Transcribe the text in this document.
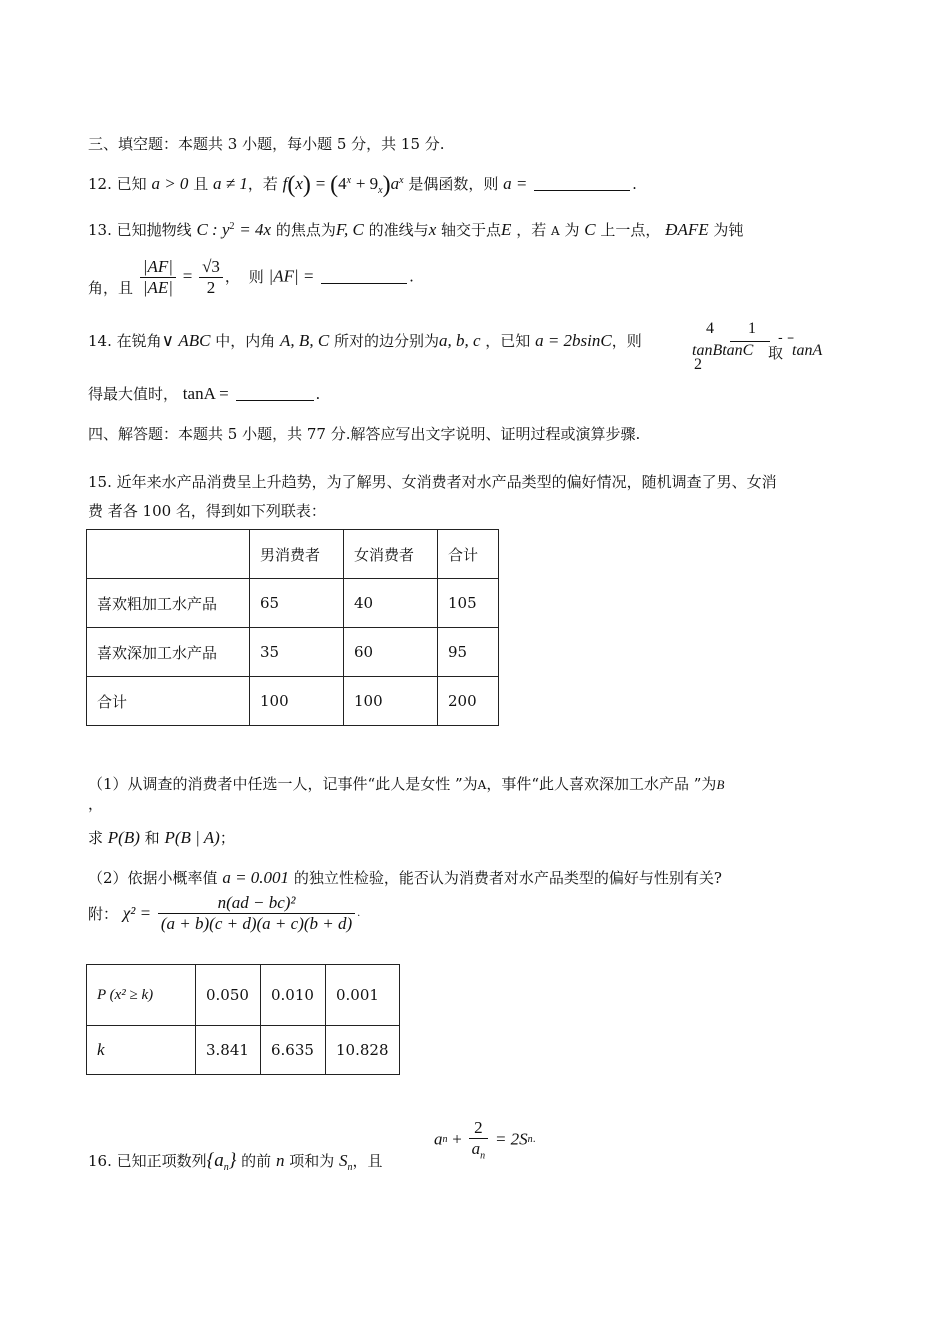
三、填空题：本题共 3 小题，每小题 5 分，共 15 分.
12. 已知 a > 0 且 a ≠ 1，若 $f(x) = (4^x + 9_x)a^x$ 是偶函数，则 a =	.
13. 已知抛物线 C : $y^2 = 4x$ 的焦点为F, C 的准线与x 轴交于点E ，若 A 为 C 上一点， ÐAFE 为钝
角，且 $\frac{|AF|}{|AE|} = \frac{√3}{2}$ ， 则 |AF| =	.
14. 在锐角∨ ABC 中，内角 A, B, C 所对的边分别为a, b, c ，已知 a = 2bsinC，则
4 1
tanBtanC 取
- –
tanA
2
得最大值时， tanA =	.
四、解答题：本题共 5 小题，共 77 分.解答应写出文字说明、证明过程或演算步骤.
15. 近年来水产品消费呈上升趋势，为了解男、女消费者对水产品类型的偏好情况，随机调查了男、女消
费 者各 100 名，得到如下列联表：
	男消费者	女消费者	合计
喜欢粗加工水产品	65	40	105
喜欢深加工水产品	35	60	95
合计	100	100	200
（1）从调查的消费者中任选一人，记事件“此人是女性 ”为A，事件“此人喜欢深加工水产品 ”为B
，
求 P(B) 和 P(B | A)；
（2）依据小概率值 a = 0.001 的独立性检验，能否认为消费者对水产品类型的偏好与性别有关?
附： $\chi^2 = \frac{\text{n(ad − bc)²}}{(a + b)(c + d)(a + c)(b + d)}$ .
P (x² ≥ k)	0.050	0.010	0.001
k	3.841	6.635	10.828
16. 已知正项数列$\{a_n\}$ 的前 n 项和为 $S_n$，且
an + $\frac{2}{a_n} = 2Sn$.
